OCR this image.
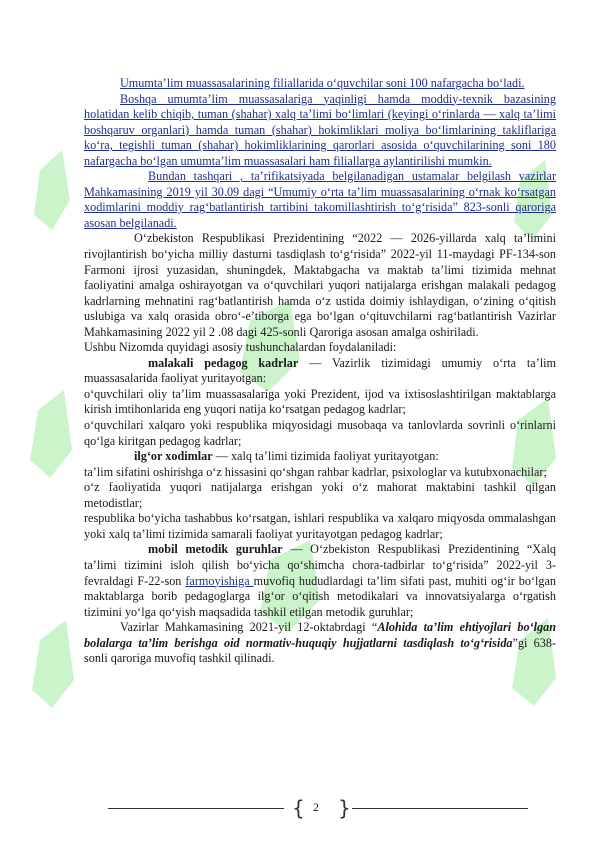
Umumta’lim muassasalarining filiallarida o‘quvchilar soni 100 nafargacha bo‘ladi.

Boshqa umumta’lim muassasalariga yaqinligi hamda moddiy-texnik bazasining holatidan kelib chiqib, tuman (shahar) xalq ta’limi bo‘limlari (keyingi o‘rinlarda — xalq ta’limi boshqaruv organlari) hamda tuman (shahar) hokimliklari moliya bo‘limlarining takliflariga ko‘ra, tegishli tuman (shahar) hokimliklarining qarorlari asosida o‘quvchilarining soni 180 nafargacha bo‘lgan umumta’lim muassasalari ham filiallarga aylantirilishi mumkin.

Bundan tashqari , ta’rifikatsiyada belgilanadigan ustamalar belgilash vazirlar Mahkamasining 2019 yil 30.09 dagi “Umumiy o‘rta ta’lim muassasalarining o‘rnak ko‘rsatgan xodimlarini moddiy rag‘batlantirish tartibini takomillashtirish to‘g‘risida” 823-sonli qaroriga asosan belgilanadi.

O‘zbekiston Respublikasi Prezidentining “2022 — 2026-yillarda xalq ta’limini rivojlantirish bo‘yicha milliy dasturni tasdiqlash to‘g‘risida” 2022-yil 11-maydagi PF-134-son Farmoni ijrosi yuzasidan, shuningdek, Maktabgacha va maktab ta’limi tizimida mehnat faoliyatini amalga oshirayotgan va o‘quvchilari yuqori natijalarga erishgan malakali pedagog kadrlarning mehnatini rag‘batlantirish hamda o‘z ustida doimiy ishlaydigan, o‘zining o‘qitish uslubiga va xalq orasida obro‘-e’tiborga ega bo‘lgan o‘qituvchilarni rag‘batlantirish Vazirlar Mahkamasining 2022 yil 2 .08 dagi 425-sonli Qaroriga asosan amalga oshiriladi.

Ushbu Nizomda quyidagi asosiy tushunchalardan foydalaniladi:

malakali pedagog kadrlar — Vazirlik tizimidagi umumiy o‘rta ta’lim muassasalarida faoliyat yuritayotgan:

o‘quvchilari oliy ta’lim muassasalariga yoki Prezident, ijod va ixtisoslashtirilgan maktablarga kirish imtihonlarida eng yuqori natija ko‘rsatgan pedagog kadrlar;

o‘quvchilari xalqaro yoki respublika miqyosidagi musobaqa va tanlovlarda sovrinli o‘rinlarni qo‘lga kiritgan pedagog kadrlar;

ilg‘or xodimlar — xalq ta’limi tizimida faoliyat yuritayotgan:

ta’lim sifatini oshirishga o‘z hissasini qo‘shgan rahbar kadrlar, psixologlar va kutubxonachilar;

o‘z faoliyatida yuqori natijalarga erishgan yoki o‘z mahorat maktabini tashkil qilgan metodistlar;

respublika bo‘yicha tashabbus ko‘rsatgan, ishlari respublika va xalqaro miqyosda ommalashgan yoki xalq ta’limi tizimida samarali faoliyat yuritayotgan pedagog kadrlar;

mobil metodik guruhlar — O‘zbekiston Respublikasi Prezidentining “Xalq ta’limi tizimini isloh qilish bo‘yicha qo‘shimcha chora-tadbirlar to‘g‘risida” 2022-yil 3-fevraldagi F-22-son farmoyishiga muvofiq hududlardagi ta’lim sifati past, muhiti og‘ir bo‘lgan maktablarga borib pedagoglarga ilg‘or o‘qitish metodikalari va innovatsiyalarga o‘rgatish tizimini yo‘lga qo‘yish maqsadida tashkil etilgan metodik guruhlar;

Vazirlar Mahkamasining 2021-yil 12-oktabrdagi “Alohida ta’lim ehtiyojlari bo‘lgan bolalarga ta’lim berishga oid normativ-huquqiy hujjatlarni tasdiqlash to‘g‘risida”gi 638- sonli qaroriga muvofiq tashkil qilinadi.

{ 2 }
